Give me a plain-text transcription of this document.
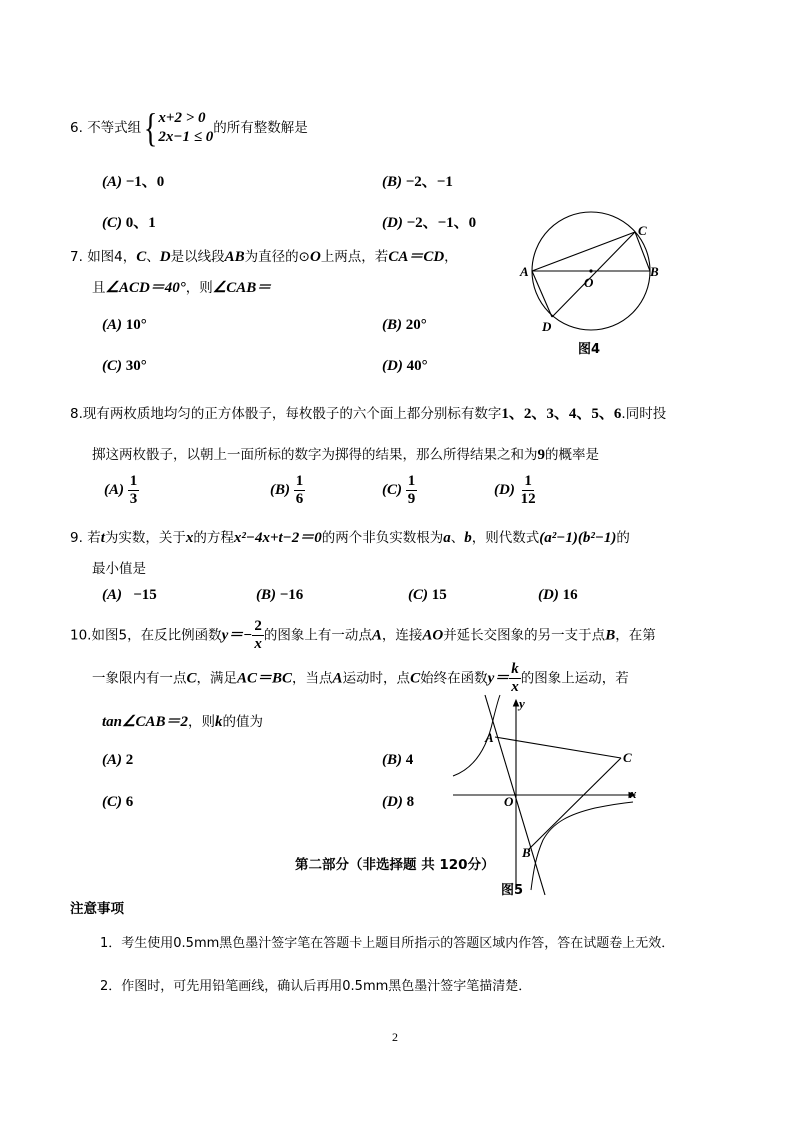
6. 不等式组{ x+2 > 0
2x−1 ≤ 0
的所有整数解是
(A) −1、0	(B) −2、−1
(C) 0、1	(D) −2、−1、0
7. 如图4，C、D是以线段AB为直径的⊙O上两点，若CA＝CD，
且∠ACD＝40°，则∠CAB＝
(A) 10°	(B) 20°
(C) 30°	(D) 40°
A	B
C
D
O
图4
8.现有两枚质地均匀的正方体骰子，每枚骰子的六个面上都分别标有数字1、2、3、4、5、6.同时投
掷这两枚骰子，以朝上一面所标的数字为掷得的结果，那么所得结果之和为9的概率是
$(A) \frac{1}{3}$	$(B) \frac{1}{6}$	$(C) \frac{1}{9}$	$(D) \frac{1}{12}$
9. 若t为实数，关于x的方程x²−4x+t−2＝0的两个非负实数根为a、b，则代数式(a²−1)(b²−1)的
最小值是
(A) −15	(B) −16	(C) 15	(D) 16
10.如图5，在反比例函数$y=- \frac{2}{x}$ 的图象上有一动点A，连接AO并延长交图象的另一支于点B，在第
一象限内有一点C，满足AC＝BC，当点A运动时，点C始终在函数$y= \frac{k}{x}$ 的图象上运动，若
tan∠CAB＝2，则k的值为
(A) 2	(B) 4
(C) 6	(D) 8
A
C
O
B
x
y
图5
第二部分（非选择题 共 120分）
注意事项
1．考生使用0.5mm黑色墨汁签字笔在答题卡上题目所指示的答题区域内作答，答在试题卷上无效．
2．作图时，可先用铅笔画线，确认后再用0.5mm黑色墨汁签字笔描清楚．
2
